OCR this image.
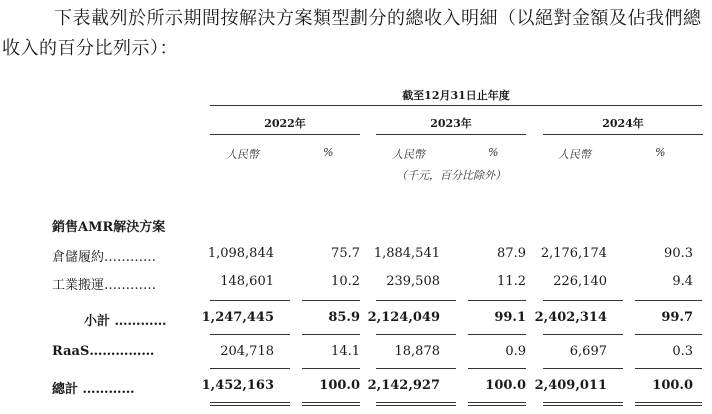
下表載列於所示期間按解決方案類型劃分的總收入明細（以絕對金額及佔我們總
收入的百分比列示）：
截至12月31日止年度
2022年	2023年	2024年
人民幣	%	人民幣	%	人民幣	%
（千元，百分比除外）
銷售AMR解決方案
倉儲履約…………	1,098,844	75.7	1,884,541	87.9	2,176,174	90.3
工業搬運…………	148,601	10.2	239,508	11.2	226,140	9.4
小計 …………	1,247,445	85.9 2,124,049	99.1 2,402,314	99.7
RaaS……………	204,718	14.1	18,878	0.9	6,697	0.3
總計 …………	1,452,163	100.0 2,142,927	100.0 2,409,011	100.0
